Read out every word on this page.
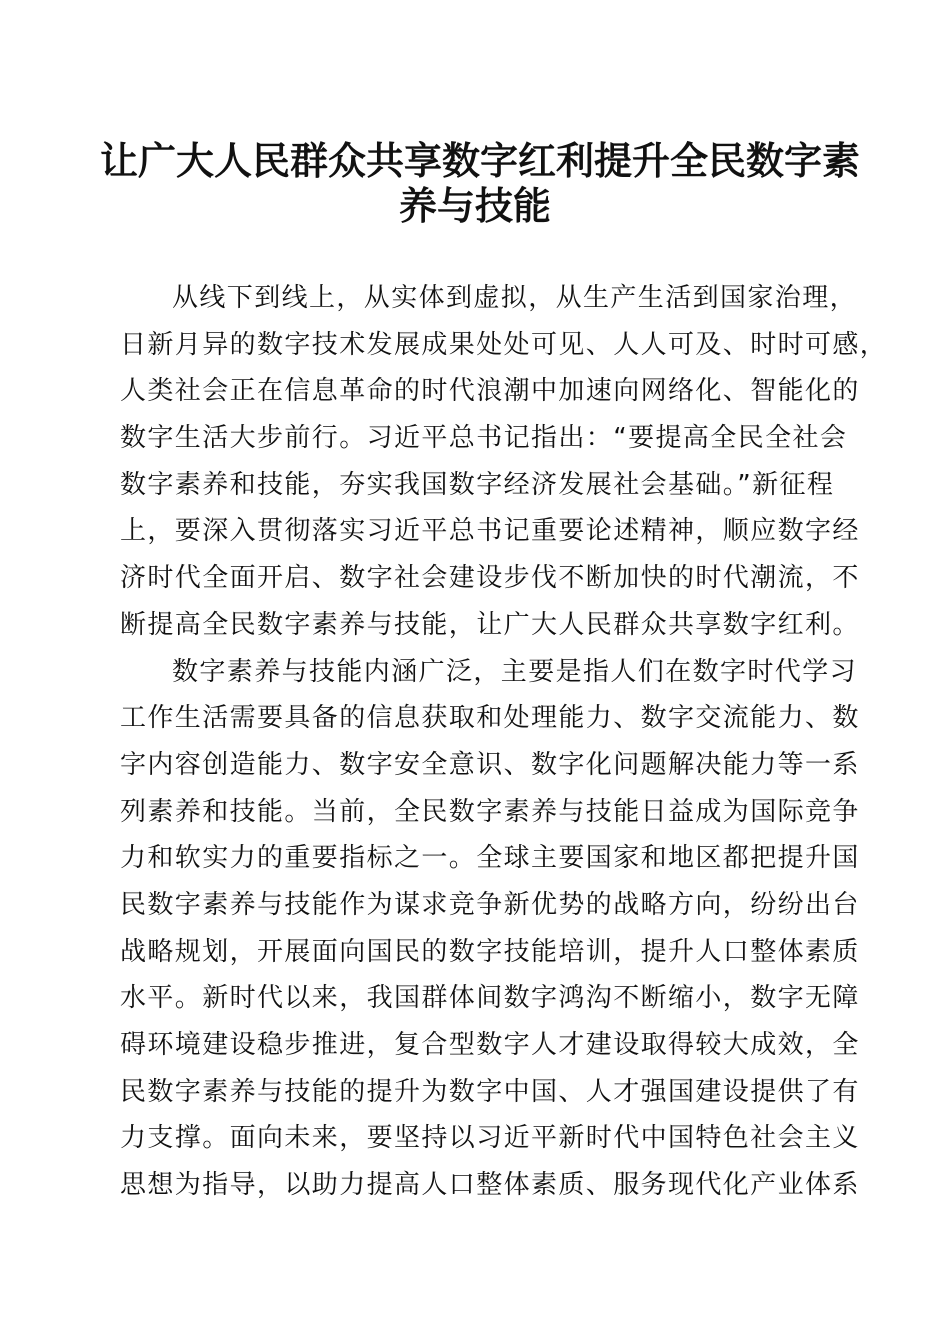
让广大人民群众共享数字红利提升全民数字素
养与技能
从线下到线上，从实体到虚拟，从生产生活到国家治理，
日新月异的数字技术发展成果处处可见、人人可及、时时可感，
人类社会正在信息革命的时代浪潮中加速向网络化、智能化的
数字生活大步前行。习近平总书记指出：“要提高全民全社会
数字素养和技能，夯实我国数字经济发展社会基础。”新征程
上，要深入贯彻落实习近平总书记重要论述精神，顺应数字经
济时代全面开启、数字社会建设步伐不断加快的时代潮流，不
断提高全民数字素养与技能，让广大人民群众共享数字红利。
数字素养与技能内涵广泛，主要是指人们在数字时代学习
工作生活需要具备的信息获取和处理能力、数字交流能力、数
字内容创造能力、数字安全意识、数字化问题解决能力等一系
列素养和技能。当前，全民数字素养与技能日益成为国际竞争
力和软实力的重要指标之一。全球主要国家和地区都把提升国
民数字素养与技能作为谋求竞争新优势的战略方向，纷纷出台
战略规划，开展面向国民的数字技能培训，提升人口整体素质
水平。新时代以来，我国群体间数字鸿沟不断缩小，数字无障
碍环境建设稳步推进，复合型数字人才建设取得较大成效，全
民数字素养与技能的提升为数字中国、人才强国建设提供了有
力支撑。面向未来，要坚持以习近平新时代中国特色社会主义
思想为指导，以助力提高人口整体素质、服务现代化产业体系
